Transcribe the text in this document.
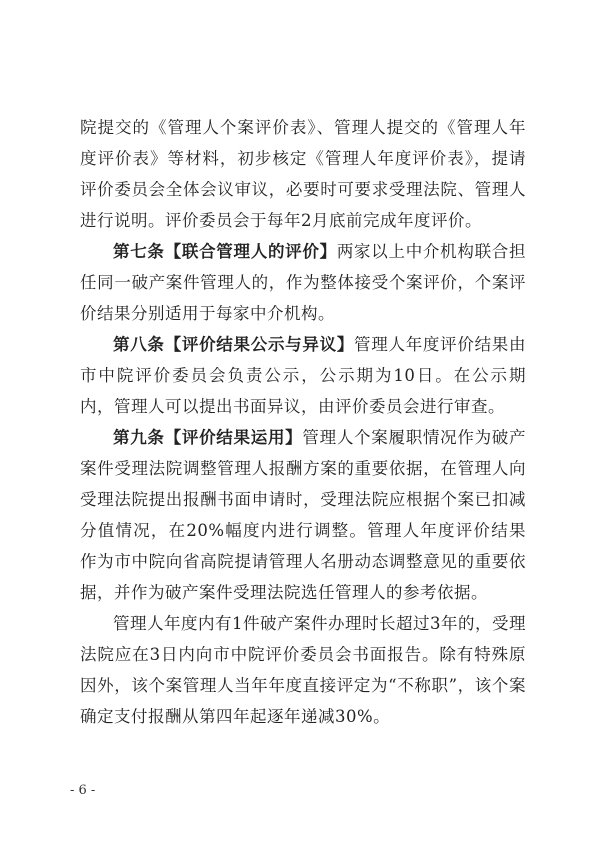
院提交的《管理人个案评价表》、管理人提交的《管理人年度评价表》等材料，初步核定《管理人年度评价表》，提请评价委员会全体会议审议，必要时可要求受理法院、管理人进行说明。评价委员会于每年2月底前完成年度评价。

第七条【联合管理人的评价】两家以上中介机构联合担任同一破产案件管理人的，作为整体接受个案评价，个案评价结果分别适用于每家中介机构。

第八条【评价结果公示与异议】管理人年度评价结果由市中院评价委员会负责公示，公示期为10日。在公示期内，管理人可以提出书面异议，由评价委员会进行审查。

第九条【评价结果运用】管理人个案履职情况作为破产案件受理法院调整管理人报酬方案的重要依据，在管理人向受理法院提出报酬书面申请时，受理法院应根据个案已扣减分值情况，在20%幅度内进行调整。管理人年度评价结果作为市中院向省高院提请管理人名册动态调整意见的重要依据，并作为破产案件受理法院选任管理人的参考依据。

管理人年度内有1件破产案件办理时长超过3年的，受理法院应在3日内向市中院评价委员会书面报告。除有特殊原因外，该个案管理人当年年度直接评定为“不称职”，该个案确定支付报酬从第四年起逐年递减30%。

- 6 -
